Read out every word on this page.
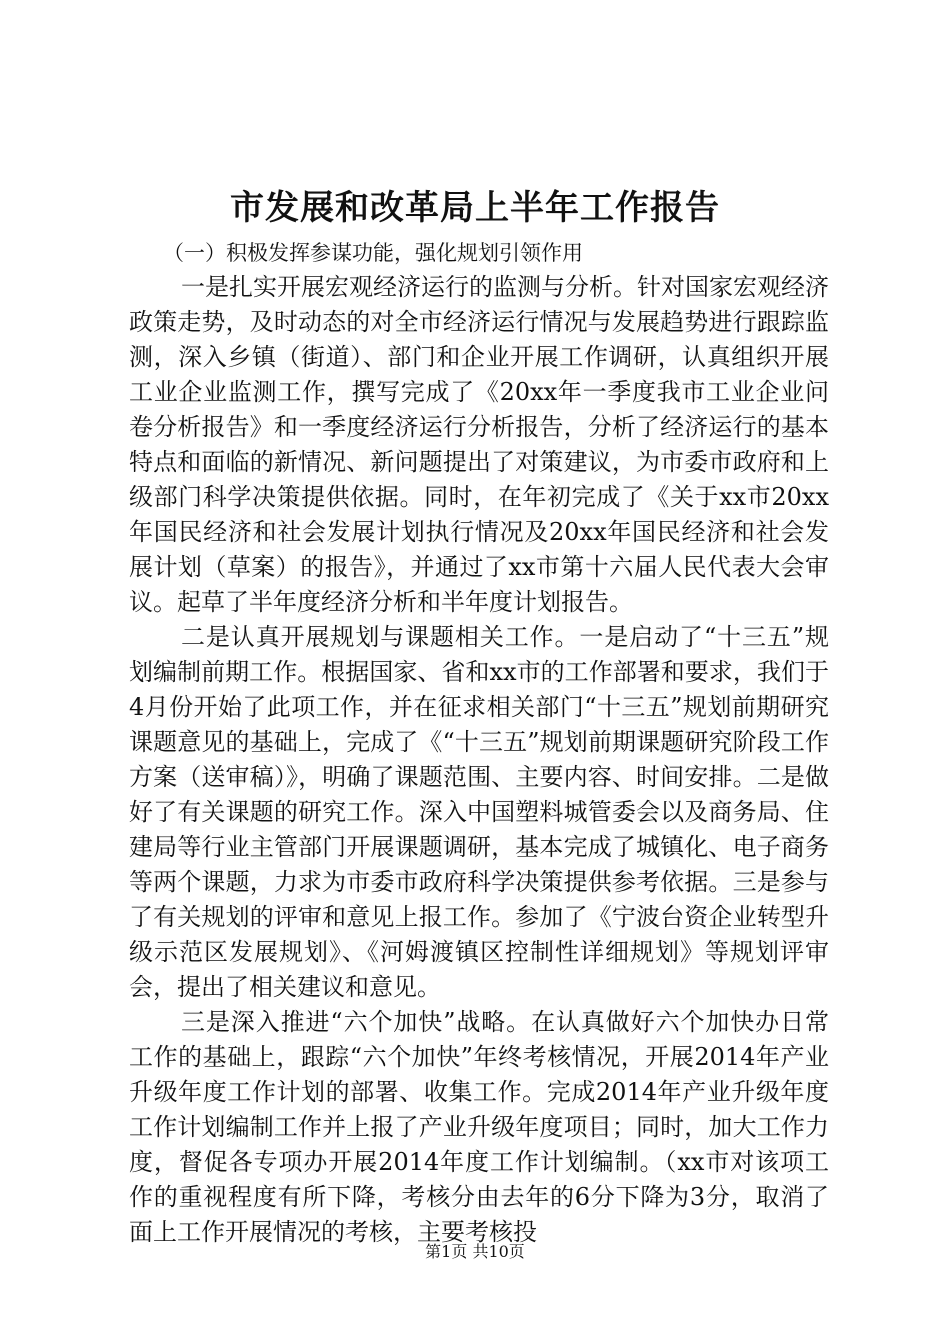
市发展和改革局上半年工作报告

（一）积极发挥参谋功能，强化规划引领作用

一是扎实开展宏观经济运行的监测与分析。针对国家宏观经济政策走势，及时动态的对全市经济运行情况与发展趋势进行跟踪监测，深入乡镇（街道）、部门和企业开展工作调研，认真组织开展工业企业监测工作，撰写完成了《20xx年一季度我市工业企业问卷分析报告》和一季度经济运行分析报告，分析了经济运行的基本特点和面临的新情况、新问题提出了对策建议，为市委市政府和上级部门科学决策提供依据。同时，在年初完成了《关于xx市20xx年国民经济和社会发展计划执行情况及20xx年国民经济和社会发展计划（草案）的报告》，并通过了xx市第十六届人民代表大会审议。起草了半年度经济分析和半年度计划报告。

二是认真开展规划与课题相关工作。一是启动了“十三五”规划编制前期工作。根据国家、省和xx市的工作部署和要求，我们于4月份开始了此项工作，并在征求相关部门“十三五”规划前期研究课题意见的基础上，完成了《“十三五”规划前期课题研究阶段工作方案（送审稿）》，明确了课题范围、主要内容、时间安排。二是做好了有关课题的研究工作。深入中国塑料城管委会以及商务局、住建局等行业主管部门开展课题调研，基本完成了城镇化、电子商务等两个课题，力求为市委市政府科学决策提供参考依据。三是参与了有关规划的评审和意见上报工作。参加了《宁波台资企业转型升级示范区发展规划》、《河姆渡镇区控制性详细规划》等规划评审会，提出了相关建议和意见。

三是深入推进“六个加快”战略。在认真做好六个加快办日常工作的基础上，跟踪“六个加快”年终考核情况，开展2014年产业升级年度工作计划的部署、收集工作。完成2014年产业升级年度工作计划编制工作并上报了产业升级年度项目；同时，加大工作力度，督促各专项办开展2014年度工作计划编制。（xx市对该项工作的重视程度有所下降，考核分由去年的6分下降为3分，取消了面上工作开展情况的考核，主要考核投

第1页 共10页
